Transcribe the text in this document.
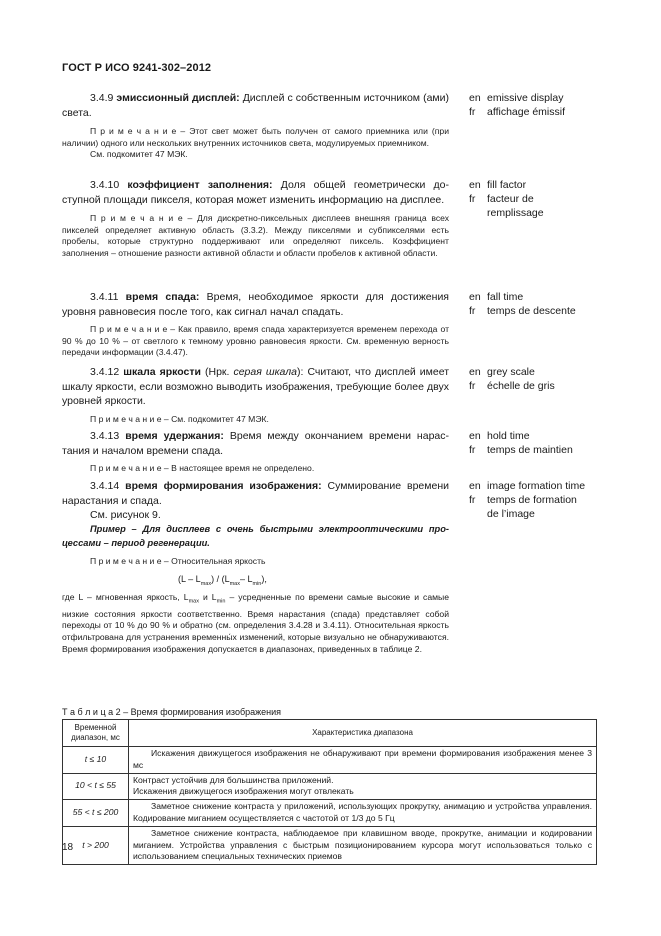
ГОСТ Р ИСО 9241-302–2012

3.4.9 эмиссионный дисплей: Дисплей с собственным источником (ами) света.

П р и м е ч а н и е – Этот свет может быть получен от самого приемника или (при наличии) одного или нескольких внутренних источников света, модулируемых приемником.

См. подкомитет 47 МЭК.

en emissive display
fr	affichage émissif

3.4.10 коэффициент заполнения: Доля общей геометрически доступной площади пикселя, которая может изменить информацию на дисплее.

П р и м е ч а н и е – Для дискретно-пиксельных дисплеев внешняя граница всех пикселей определяет активную область (3.3.2). Между пикселями и субпикселями есть пробелы, которые структурно поддерживают или определяют пиксель. Коэффициент заполнения – отношение разности активной области и области пробелов к активной области.

en fill factor
fr	facteur de
remplissage

3.4.11 время спада: Время, необходимое яркости для достижения уровня равновесия после того, как сигнал начал спадать.

П р и м е ч а н и е – Как правило, время спада характеризуется временем перехода от 90 % до 10 % – от светлого к темному уровню равновесия яркости. См. временную верность передачи информации (3.4.47).

en fall time
fr	temps de descente

3.4.12 шкала яркости (Нрк. серая шкала): Считают, что дисплей имеет шкалу яркости, если возможно выводить изображения, требующие более двух уровней яркости.

П р и м е ч а н и е – См. подкомитет 47 МЭК.

en grey scale
fr	échelle de gris

3.4.13 время удержания: Время между окончанием времени нарастания и началом времени спада.

П р и м е ч а н и е – В настоящее время не определено.

en hold time
fr	temps de maintien

3.4.14 время формирования изображения: Суммирование времени нарастания и спада.

См. рисунок 9.

en image formation time
fr	temps de formation
de l’image

Пример – Для дисплеев с очень быстрыми электрооптическими процессами – период регенерации.

П р и м е ч а н и е – Относительная яркость

$(L - L_{max}) / (L_{max}-$ $L_{min}$),

где L – мгновенная яркость, $L_{max}$ и $L_{min}$ – усредненные по времени самые высокие и самые низкие состояния яркости соответственно. Время нарастания (спада) представляет собой переходы от 10 % до 90 % и обратно (см. определения 3.4.28 и 3.4.11). Относительная яркость отфильтрована для устранения временны́х изменений, которые визуально не обнаруживаются. Время формирования изображения допускается в диапазонах, приведенных в таблице 2.

Т а б л и ц а 2 – Время формирования изображения
Временной диапазон, мс	Характеристика диапазона
t ≤ 10	Искажения движущегося изображения не обнаруживают при времени формирования изображения менее 3 мс
10 < t ≤ 55	Контраст устойчив для большинства приложений.
Искажения движущегося изображения могут отвлекать

55 < t ≤ 200	Заметное снижение контраста у приложений, использующих прокрутку, анимацию и устройства управления. Кодирование миганием осуществляется с частотой от 1/3 до 5 Гц
t > 200	Заметное снижение контраста, наблюдаемое при клавишном вводе, прокрутке, анимации и кодировании миганием. Устройства управления с быстрым позиционированием курсора могут использоваться только с использованием специальных технических приемов
18
